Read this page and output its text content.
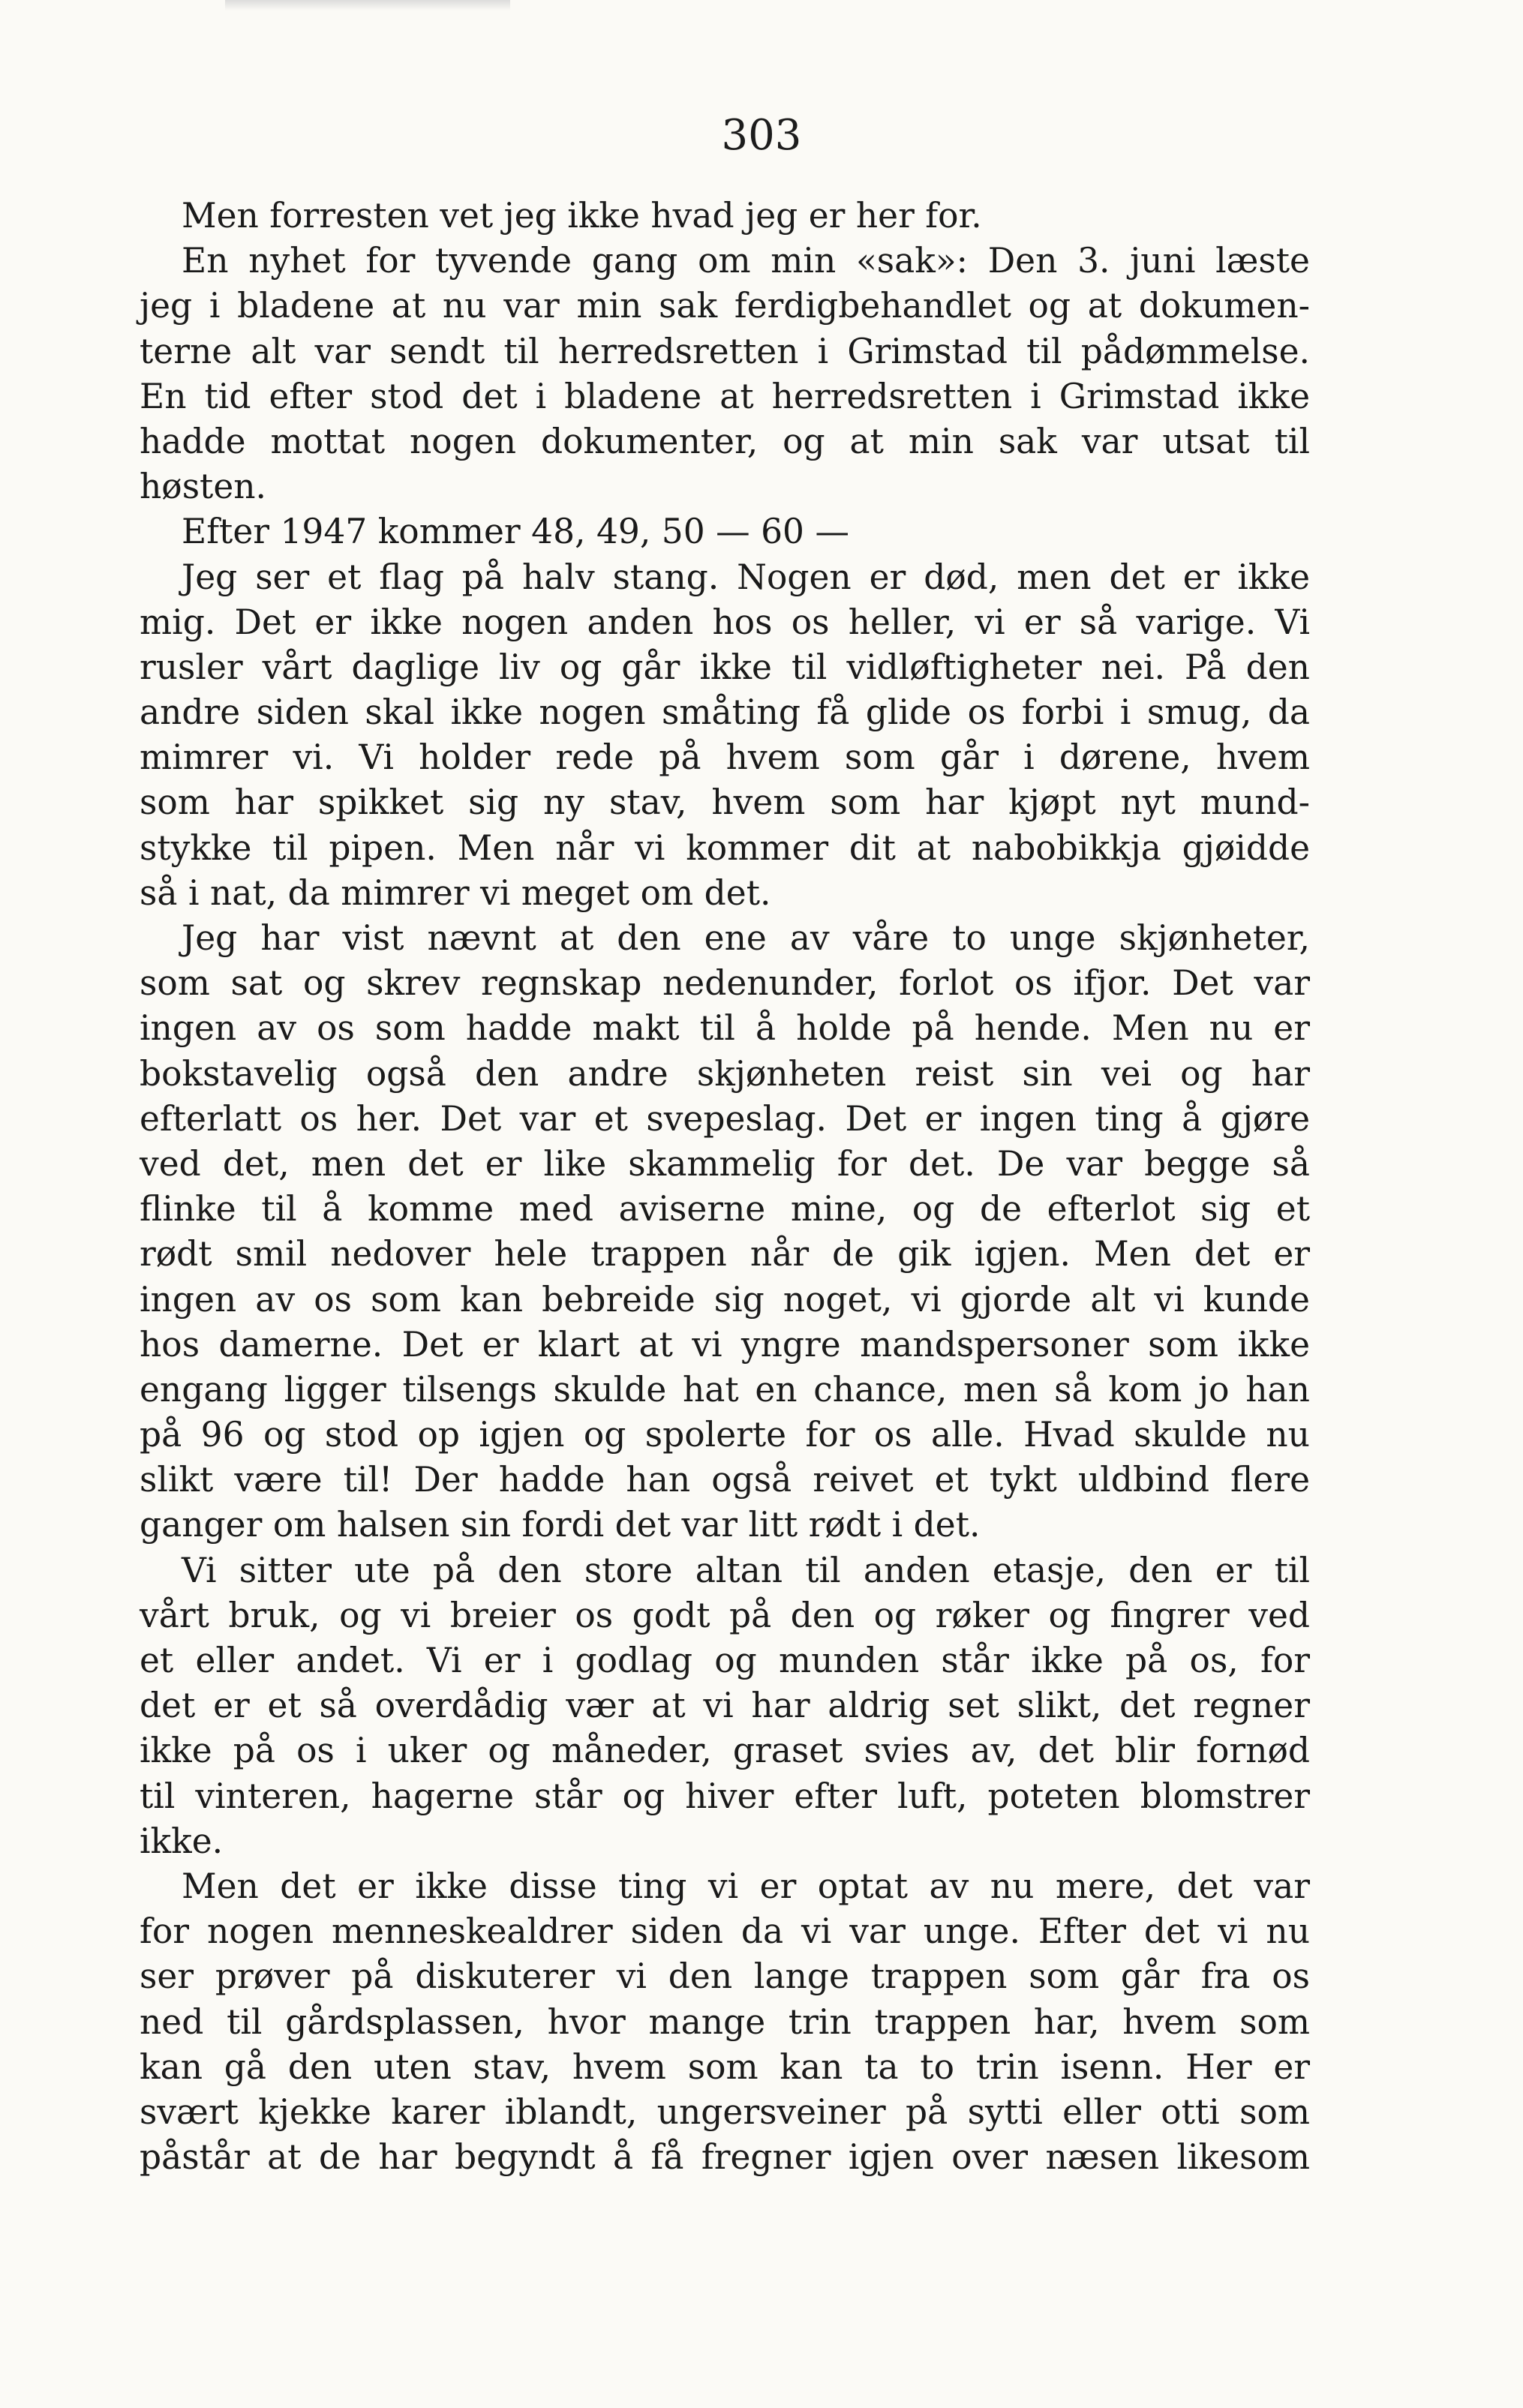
303
Men forresten vet jeg ikke hvad jeg er her for.
En nyhet for tyvende gang om min «sak»: Den 3. juni læste
jeg i bladene at nu var min sak ferdigbehandlet og at dokumen-
terne alt var sendt til herredsretten i Grimstad til pådømmelse.
En tid efter stod det i bladene at herredsretten i Grimstad ikke
hadde mottat nogen dokumenter, og at min sak var utsat til
høsten.
Efter 1947 kommer 48, 49, 50 — 60 —
Jeg ser et flag på halv stang. Nogen er død, men det er ikke
mig. Det er ikke nogen anden hos os heller, vi er så varige. Vi
rusler vårt daglige liv og går ikke til vidløftigheter nei. På den
andre siden skal ikke nogen småting få glide os forbi i smug, da
mimrer vi. Vi holder rede på hvem som går i dørene, hvem
som har spikket sig ny stav, hvem som har kjøpt nyt mund-
stykke til pipen. Men når vi kommer dit at nabobikkja gjøidde
så i nat, da mimrer vi meget om det.
Jeg har vist nævnt at den ene av våre to unge skjønheter,
som sat og skrev regnskap nedenunder, forlot os ifjor. Det var
ingen av os som hadde makt til å holde på hende. Men nu er
bokstavelig også den andre skjønheten reist sin vei og har
efterlatt os her. Det var et svepeslag. Det er ingen ting å gjøre
ved det, men det er like skammelig for det. De var begge så
flinke til å komme med aviserne mine, og de efterlot sig et
rødt smil nedover hele trappen når de gik igjen. Men det er
ingen av os som kan bebreide sig noget, vi gjorde alt vi kunde
hos damerne. Det er klart at vi yngre mandspersoner som ikke
engang ligger tilsengs skulde hat en chance, men så kom jo han
på 96 og stod op igjen og spolerte for os alle. Hvad skulde nu
slikt være til! Der hadde han også reivet et tykt uldbind flere
ganger om halsen sin fordi det var litt rødt i det.
Vi sitter ute på den store altan til anden etasje, den er til
vårt bruk, og vi breier os godt på den og røker og fingrer ved
et eller andet. Vi er i godlag og munden står ikke på os, for
det er et så overdådig vær at vi har aldrig set slikt, det regner
ikke på os i uker og måneder, graset svies av, det blir fornød
til vinteren, hagerne står og hiver efter luft, poteten blomstrer
ikke.
Men det er ikke disse ting vi er optat av nu mere, det var
for nogen menneskealdrer siden da vi var unge. Efter det vi nu
ser prøver på diskuterer vi den lange trappen som går fra os
ned til gårdsplassen, hvor mange trin trappen har, hvem som
kan gå den uten stav, hvem som kan ta to trin isenn. Her er
svært kjekke karer iblandt, ungersveiner på sytti eller otti som
påstår at de har begyndt å få fregner igjen over næsen likesom
